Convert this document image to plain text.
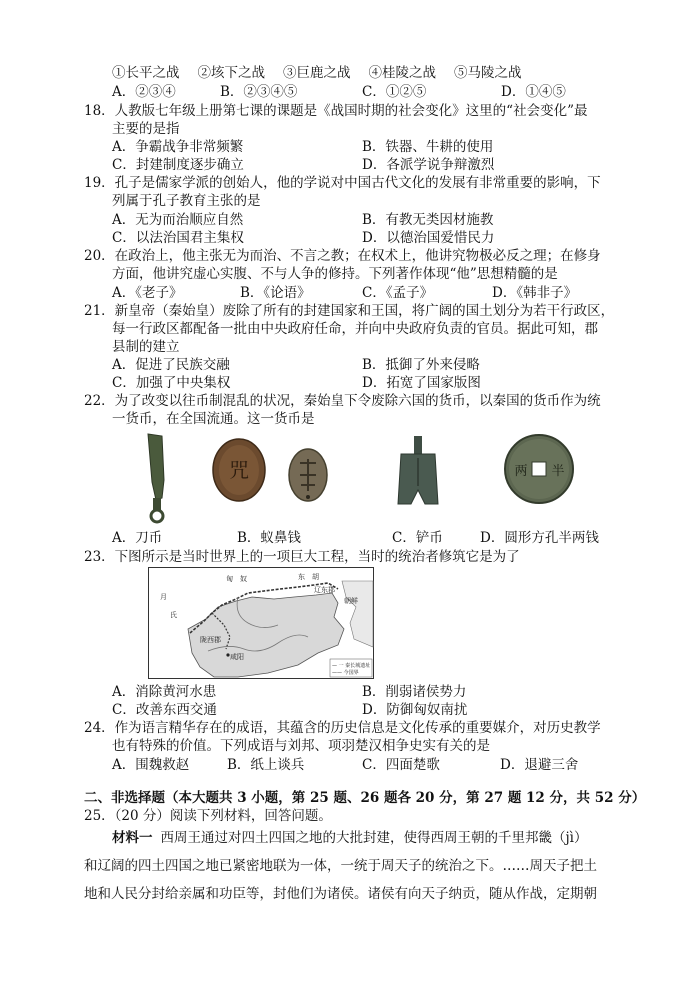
①长平之战 ②垓下之战 ③巨鹿之战 ④桂陵之战 ⑤马陵之战
A．②③④	B．②③④⑤	C．①②⑤	D．①④⑤
18．人教版七年级上册第七课的课题是《战国时期的社会变化》这里的“社会变化”最
主要的是指
A．争霸战争非常频繁	B．铁器、牛耕的使用
C．封建制度逐步确立	D．各派学说争辩激烈
19．孔子是儒家学派的创始人，他的学说对中国古代文化的发展有非常重要的影响，下
列属于孔子教育主张的是
A．无为而治顺应自然	B．有教无类因材施教
C．以法治国君主集权	D．以德治国爱惜民力
20．在政治上，他主张无为而治、不言之教；在权术上，他讲究物极必反之理；在修身
方面，他讲究虚心实腹、不与人争的修持。下列著作体现“他”思想精髓的是
A．《老子》	B．《论语》	C．《孟子》	D．《韩非子》
21．新皇帝（秦始皇）废除了所有的封建国家和王国，将广阔的国土划分为若干行政区，
每一行政区都配备一批由中央政府任命，并向中央政府负责的官员。据此可知，郡
县制的建立
A．促进了民族交融	B．抵御了外来侵略
C．加强了中央集权	D．拓宽了国家版图
22．为了改变以往币制混乱的状况，秦始皇下令废除六国的货币，以秦国的货币作为统
一货币，在全国流通。这一货币是
咒	两 半
A．刀币	B．蚁鼻钱	C．铲币	D．圆形方孔半两钱
23．下图所示是当时世界上的一项巨大工程，当时的统治者修筑它是为了
匈　奴	东　胡
月
氏
辽东郡
朝鲜
陇西郡
咸阳
— 一 秦长城遗址
—— 今国界
A．消除黄河水患	B．削弱诸侯势力
C．改善东西交通	D．防御匈奴南扰
24．作为语言精华存在的成语，其蕴含的历史信息是文化传承的重要媒介，对历史教学
也有特殊的价值。下列成语与刘邦、项羽楚汉相争史实有关的是
A．围魏救赵	B．纸上谈兵	C．四面楚歌	D．退避三舍
二、非选择题（本大题共 3 小题，第 25 题、26 题各 20 分，第 27 题 12 分，共 52 分）
25．（20 分）阅读下列材料，回答问题。
材料一 西周王通过对四土四国之地的大批封建，使得西周王朝的千里邦畿（jì）
和辽阔的四土四国之地已紧密地联为一体，一统于周天子的统治之下。……周天子把土
地和人民分封给亲属和功臣等，封他们为诸侯。诸侯有向天子纳贡，随从作战，定期朝
